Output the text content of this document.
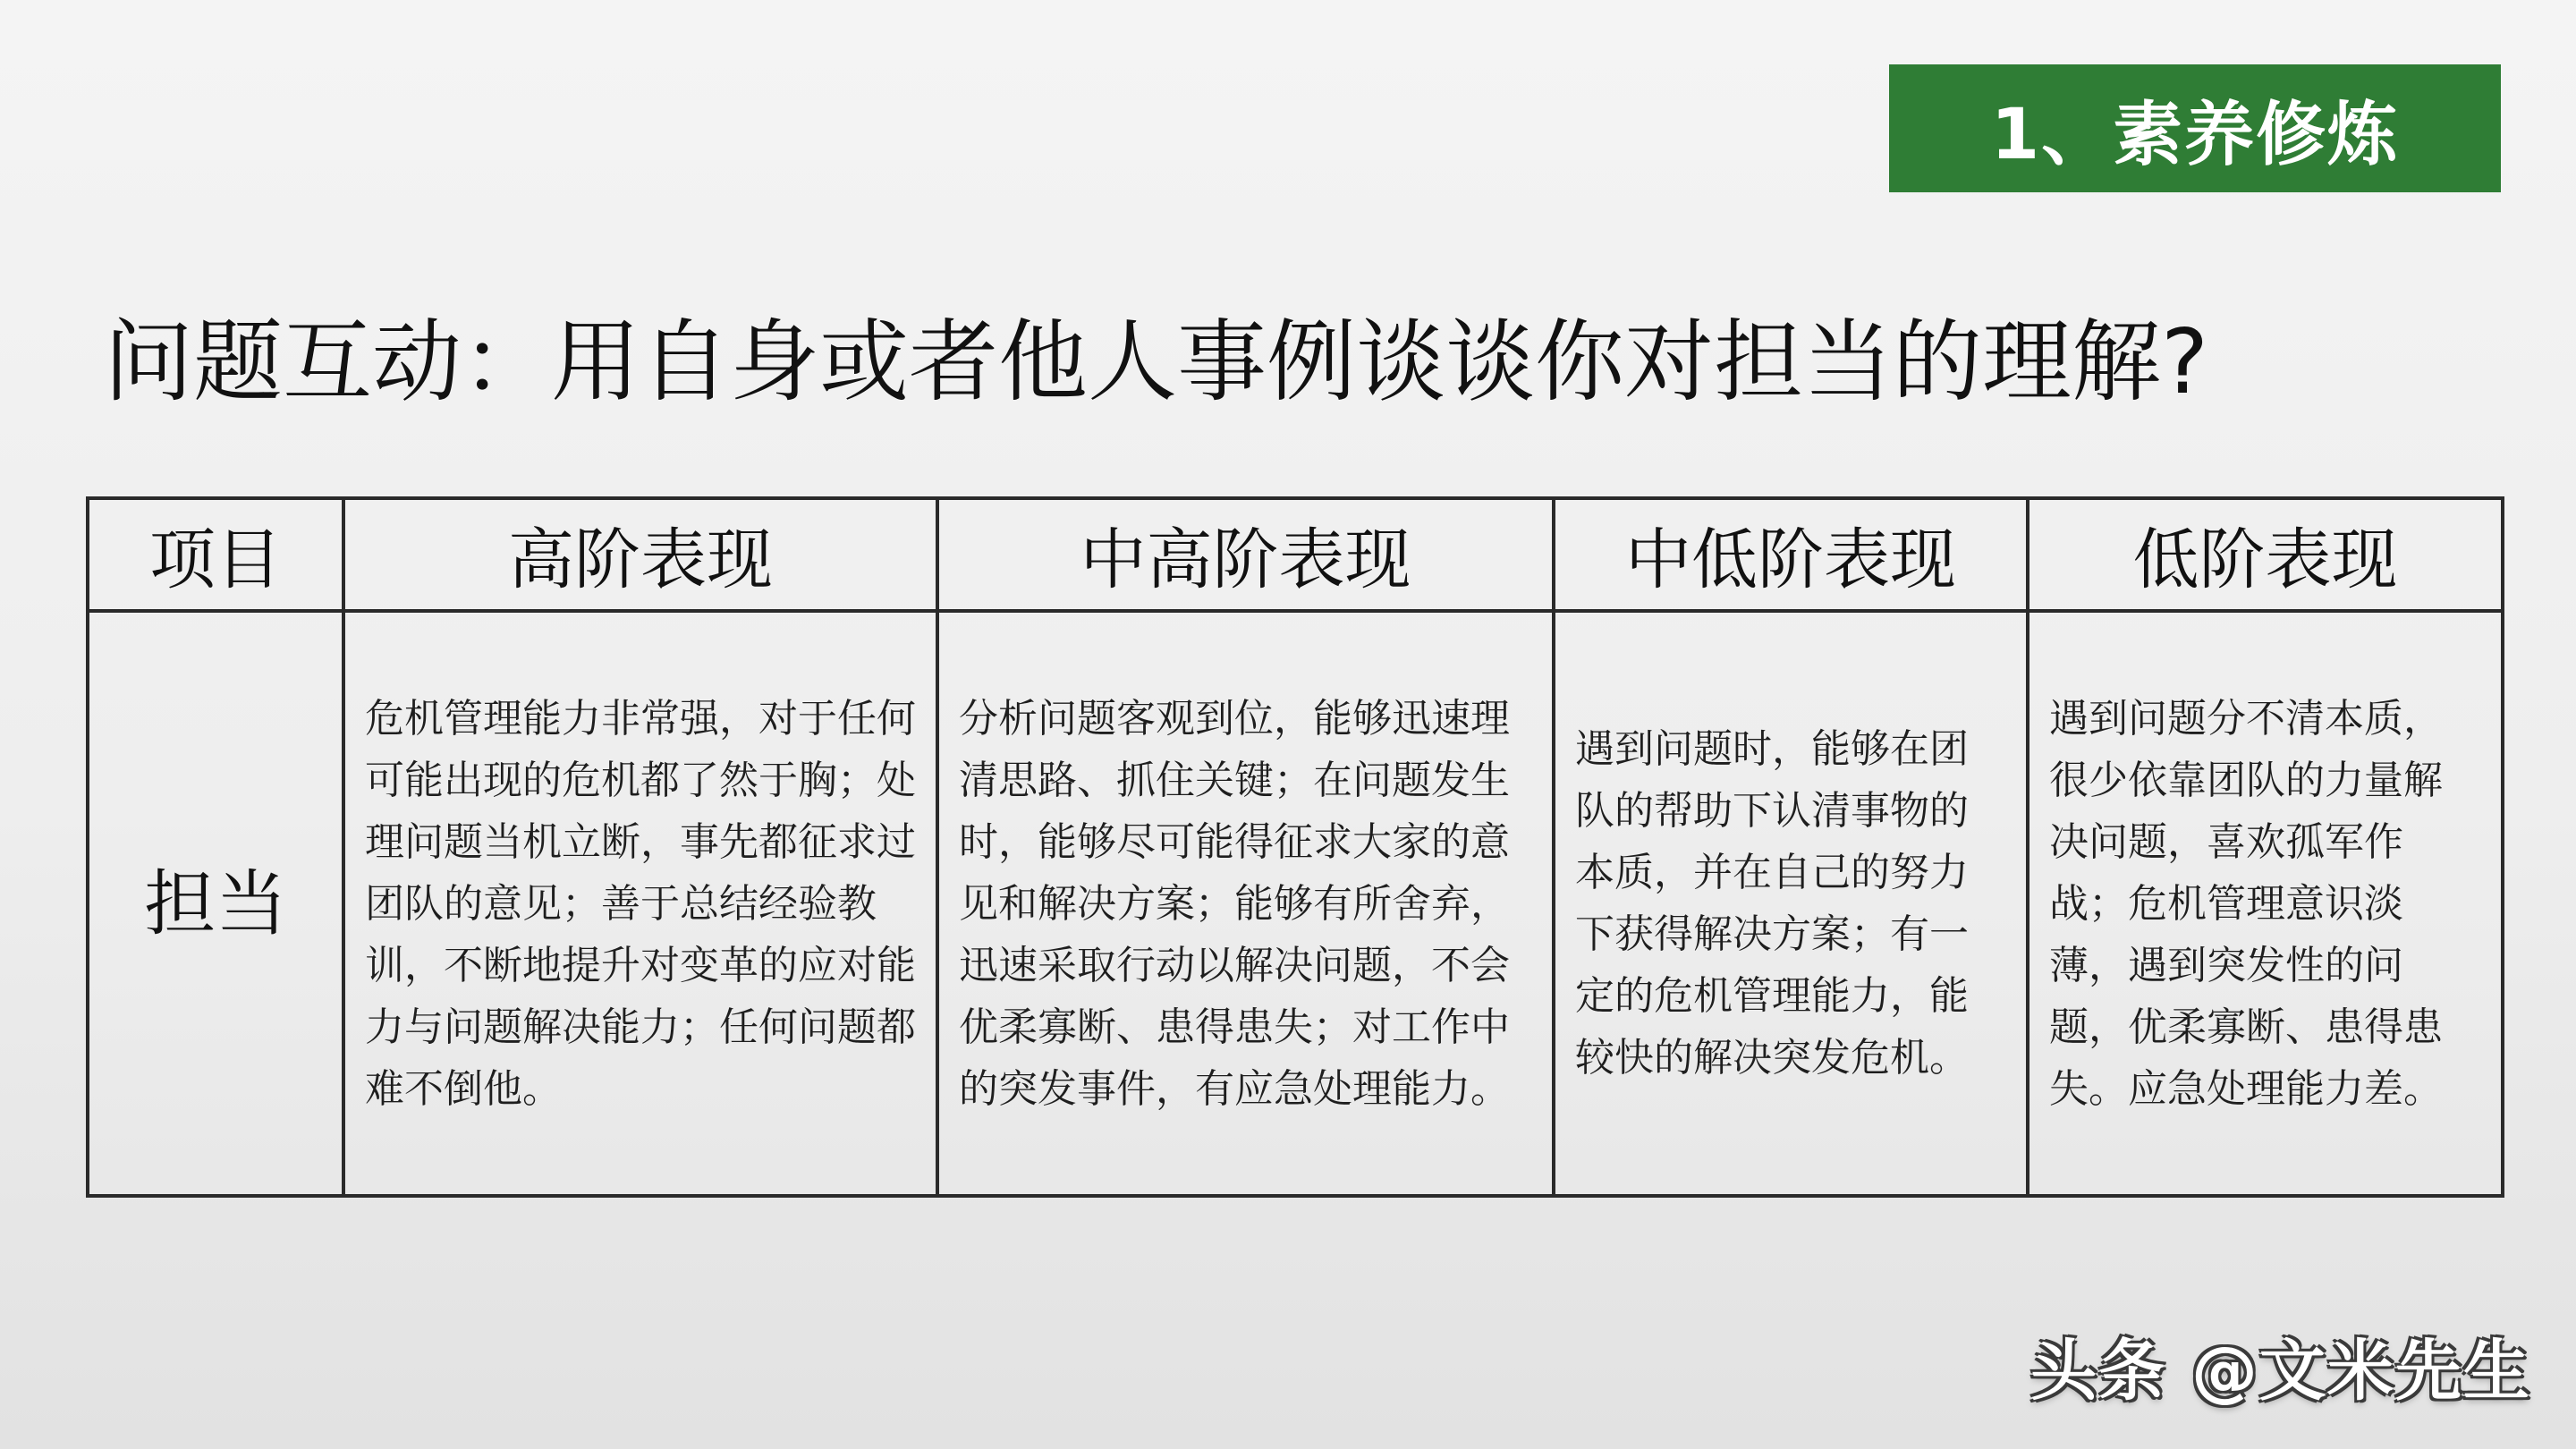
1、素养修炼
问题互动：用自身或者他人事例谈谈你对担当的理解?
项目	高阶表现	中高阶表现	中低阶表现	低阶表现
担当	危机管理能力非常强，对于任何可能出现的危机都了然于胸；处理问题当机立断，事先都征求过团队的意见；善于总结经验教训，不断地提升对变革的应对能力与问题解决能力；任何问题都难不倒他。	分析问题客观到位，能够迅速理清思路、抓住关键；在问题发生时，能够尽可能得征求大家的意见和解决方案；能够有所舍弃，迅速采取行动以解决问题，不会优柔寡断、患得患失；对工作中的突发事件，有应急处理能力。	遇到问题时，能够在团队的帮助下认清事物的本质，并在自己的努力下获得解决方案；有一定的危机管理能力，能较快的解决突发危机。	遇到问题分不清本质，很少依靠团队的力量解决问题，喜欢孤军作战；危机管理意识淡薄，遇到突发性的问题，优柔寡断、患得患失。应急处理能力差。
头条 @文米先生
